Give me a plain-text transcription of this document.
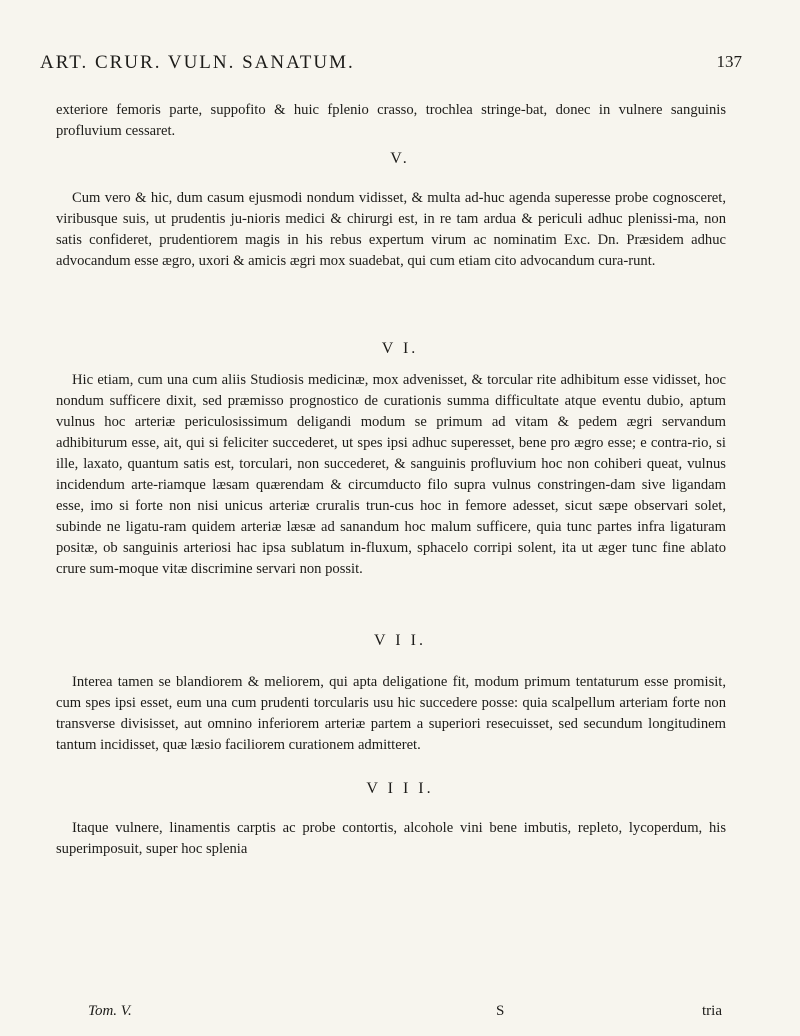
ART. CRUR. VULN. SANATUM.	137
exteriore femoris parte, suppofito & huic fplenio crasso, trochlea stringe-bat, donec in vulnere sanguinis profluvium cessaret.
V.
Cum vero & hic, dum casum ejusmodi nondum vidisset, & multa ad-huc agenda superesse probe cognosceret, viribusque suis, ut prudentis ju-nioris medici & chirurgi est, in re tam ardua & periculi adhuc plenissi-ma, non satis confideret, prudentiorem magis in his rebus expertum virum ac nominatim Exc. Dn. Præsidem adhuc advocandum esse ægro, uxori & amicis ægri mox suadebat, qui cum etiam cito advocandum cura-runt.
V I.
Hic etiam, cum una cum aliis Studiosis medicinæ, mox advenisset, & torcular rite adhibitum esse vidisset, hoc nondum sufficere dixit, sed præmisso prognostico de curationis summa difficultate atque eventu dubio, aptum vulnus hoc arteriæ periculosissimum deligandi modum se primum ad vitam & pedem ægri servandum adhibiturum esse, ait, qui si feliciter succederet, ut spes ipsi adhuc superesset, bene pro ægro esse; e contra-rio, si ille, laxato, quantum satis est, torculari, non succederet, & sanguinis profluvium hoc non cohiberi queat, vulnus incidendum arte-riamque læsam quærendam & circumducto filo supra vulnus constringen-dam sive ligandam esse, imo si forte non nisi unicus arteriæ cruralis trun-cus hoc in femore adesset, sicut sæpe observari solet, subinde ne ligatu-ram quidem arteriæ læsæ ad sanandum hoc malum sufficere, quia tunc partes infra ligaturam positæ, ob sanguinis arteriosi hac ipsa sublatum in-fluxum, sphacelo corripi solent, ita ut æger tunc fine ablato crure sum-moque vitæ discrimine servari non possit.
V I I.
Interea tamen se blandiorem & meliorem, qui apta deligatione fit, modum primum tentaturum esse promisit, cum spes ipsi esset, eum una cum prudenti torcularis usu hic succedere posse: quia scalpellum arteriam forte non transverse divisisset, aut omnino inferiorem arteriæ partem a superiori resecuisset, sed secundum longitudinem tantum incidisset, quæ læsio faciliorem curationem admitteret.
V I I I.
Itaque vulnere, linamentis carptis ac probe contortis, alcohole vini bene imbutis, repleto, lycoperdum, his superimposuit, super hoc splenia
Tom. V.	S	tria
